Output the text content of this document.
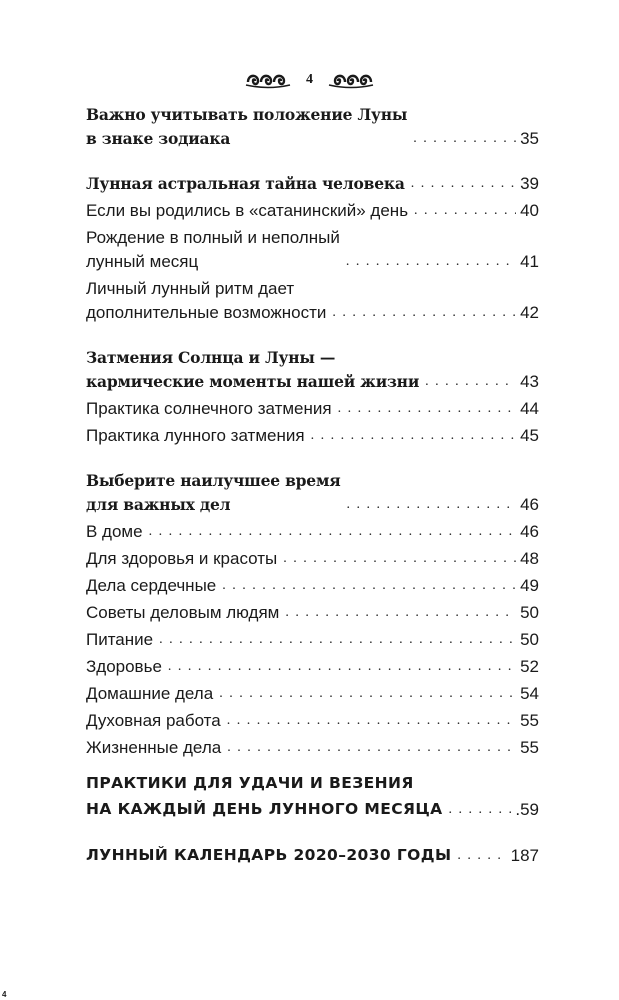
4
Важно учитывать положение Луны
в знаке зодиака . . .	35
Лунная астральная тайна человека . . .	39
Если вы родились в «сатанинский» день . . .	40
Рождение в полный и неполный
лунный месяц . . .	41
Личный лунный ритм дает
дополнительные возможности . . .	42
Затмения Солнца и Луны —
кармические моменты нашей жизни . . .	43
Практика солнечного затмения . . .	44
Практика лунного затмения . . .	45
Выберите наилучшее время
для важных дел . . .	46
В доме . . .	46
Для здоровья и красоты . . .	48
Дела сердечные . . .	49
Советы деловым людям . . .	50
Питание . . .	50
Здоровье . . .	52
Домашние дела . . .	54
Духовная работа . . .	55
Жизненные дела . . .	55
ПРАКТИКИ ДЛЯ УДАЧИ И ВЕЗЕНИЯ
НА КАЖДЫЙ ДЕНЬ ЛУННОГО МЕСЯЦА . . .	.59
ЛУННЫЙ КАЛЕНДАРЬ 2020–2030 ГОДЫ . . .	187
4
